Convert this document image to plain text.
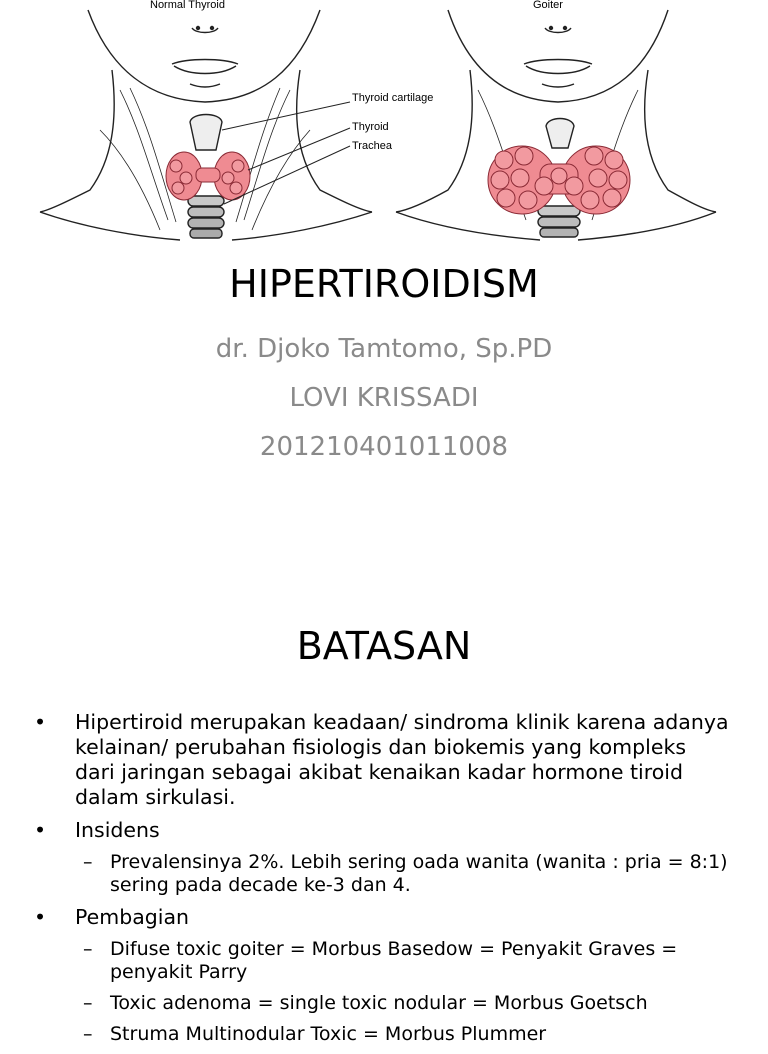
Normal Thyroid
Thyroid cartilage
Thyroid
Trachea
Goiter
HIPERTIROIDISM
dr. Djoko Tamtomo, Sp.PD
LOVI KRISSADI
201210401011008
BATASAN
• Hipertiroid merupakan keadaan/ sindroma klinik karena adanya kelainan/ perubahan fisiologis dan biokemis yang kompleks dari jaringan sebagai akibat kenaikan kadar hormone tiroid dalam sirkulasi.
• Insidens
– Prevalensinya 2%. Lebih sering oada wanita (wanita : pria = 8:1) sering pada decade ke-3 dan 4.
• Pembagian
– Difuse toxic goiter = Morbus Basedow = Penyakit Graves = penyakit Parry
– Toxic adenoma = single toxic nodular = Morbus Goetsch
– Struma Multinodular Toxic = Morbus Plummer
